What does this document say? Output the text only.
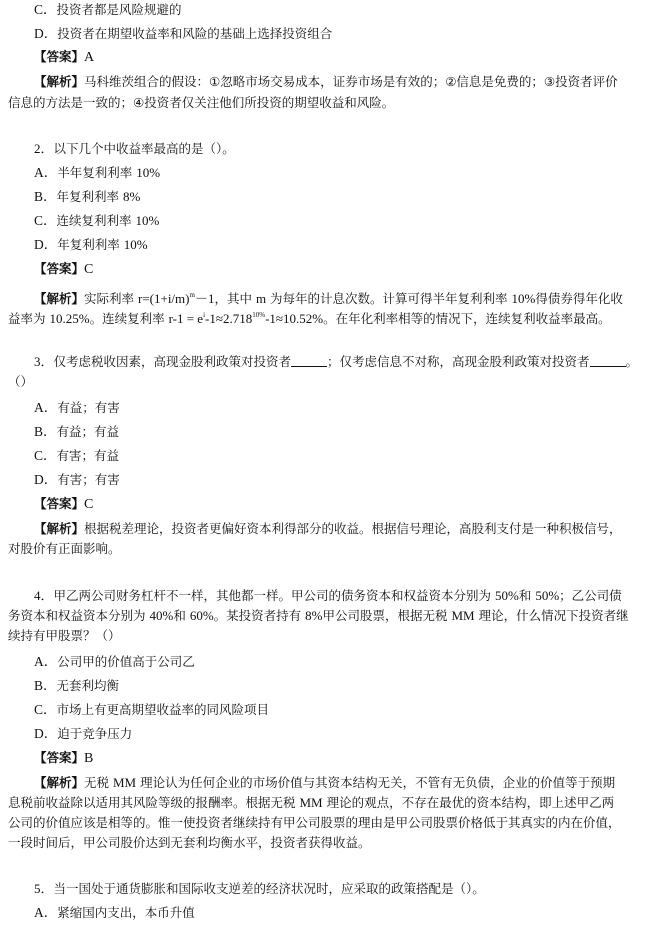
C．投资者都是风险规避的
D．投资者在期望收益率和风险的基础上选择投资组合
【答案】A
【解析】马科维茨组合的假设：①忽略市场交易成本，证券市场是有效的；②信息是免费的；③投资者评价
信息的方法是一致的；④投资者仅关注他们所投资的期望收益和风险。
2．以下几个中收益率最高的是（）。
A．半年复利利率 10%
B．年复利利率 8%
C．连续复利利率 10%
D．年复利利率 10%
【答案】C
【解析】实际利率 $r=(1+i/m)^m-1$，其中 m 为每年的计息次数。计算可得半年复利利率 10%得债券得年化收
益率为 10.25%。连续复利率 $r-1 = e^i-1\approx 2.718^{10\%}-1\approx 10.52\%$。在年化利率相等的情况下，连续复利收益率最高。
3．仅考虑税收因素，高现金股利政策对投资者	；仅考虑信息不对称，高现金股利政策对投资者	。
（）
A．有益；有害
B．有益；有益
C．有害；有益
D．有害；有害
【答案】C
【解析】根据税差理论，投资者更偏好资本利得部分的收益。根据信号理论，高股利支付是一种积极信号，
对股价有正面影响。
4．甲乙两公司财务杠杆不一样，其他都一样。甲公司的债务资本和权益资本分别为 50%和 50%；乙公司债
务资本和权益资本分别为 40%和 60%。某投资者持有 8%甲公司股票，根据无税 MM 理论，什么情况下投资者继
续持有甲股票？（）
A．公司甲的价值高于公司乙
B．无套利均衡
C．市场上有更高期望收益率的同风险项目
D．迫于竞争压力
【答案】B
【解析】无税 MM 理论认为任何企业的市场价值与其资本结构无关，不管有无负债，企业的价值等于预期
息税前收益除以适用其风险等级的报酬率。根据无税 MM 理论的观点，不存在最优的资本结构，即上述甲乙两
公司的价值应该是相等的。惟一使投资者继续持有甲公司股票的理由是甲公司股票价格低于其真实的内在价值，
一段时间后，甲公司股价达到无套利均衡水平，投资者获得收益。
5．当一国处于通货膨胀和国际收支逆差的经济状况时，应采取的政策搭配是（）。
A．紧缩国内支出，本币升值
